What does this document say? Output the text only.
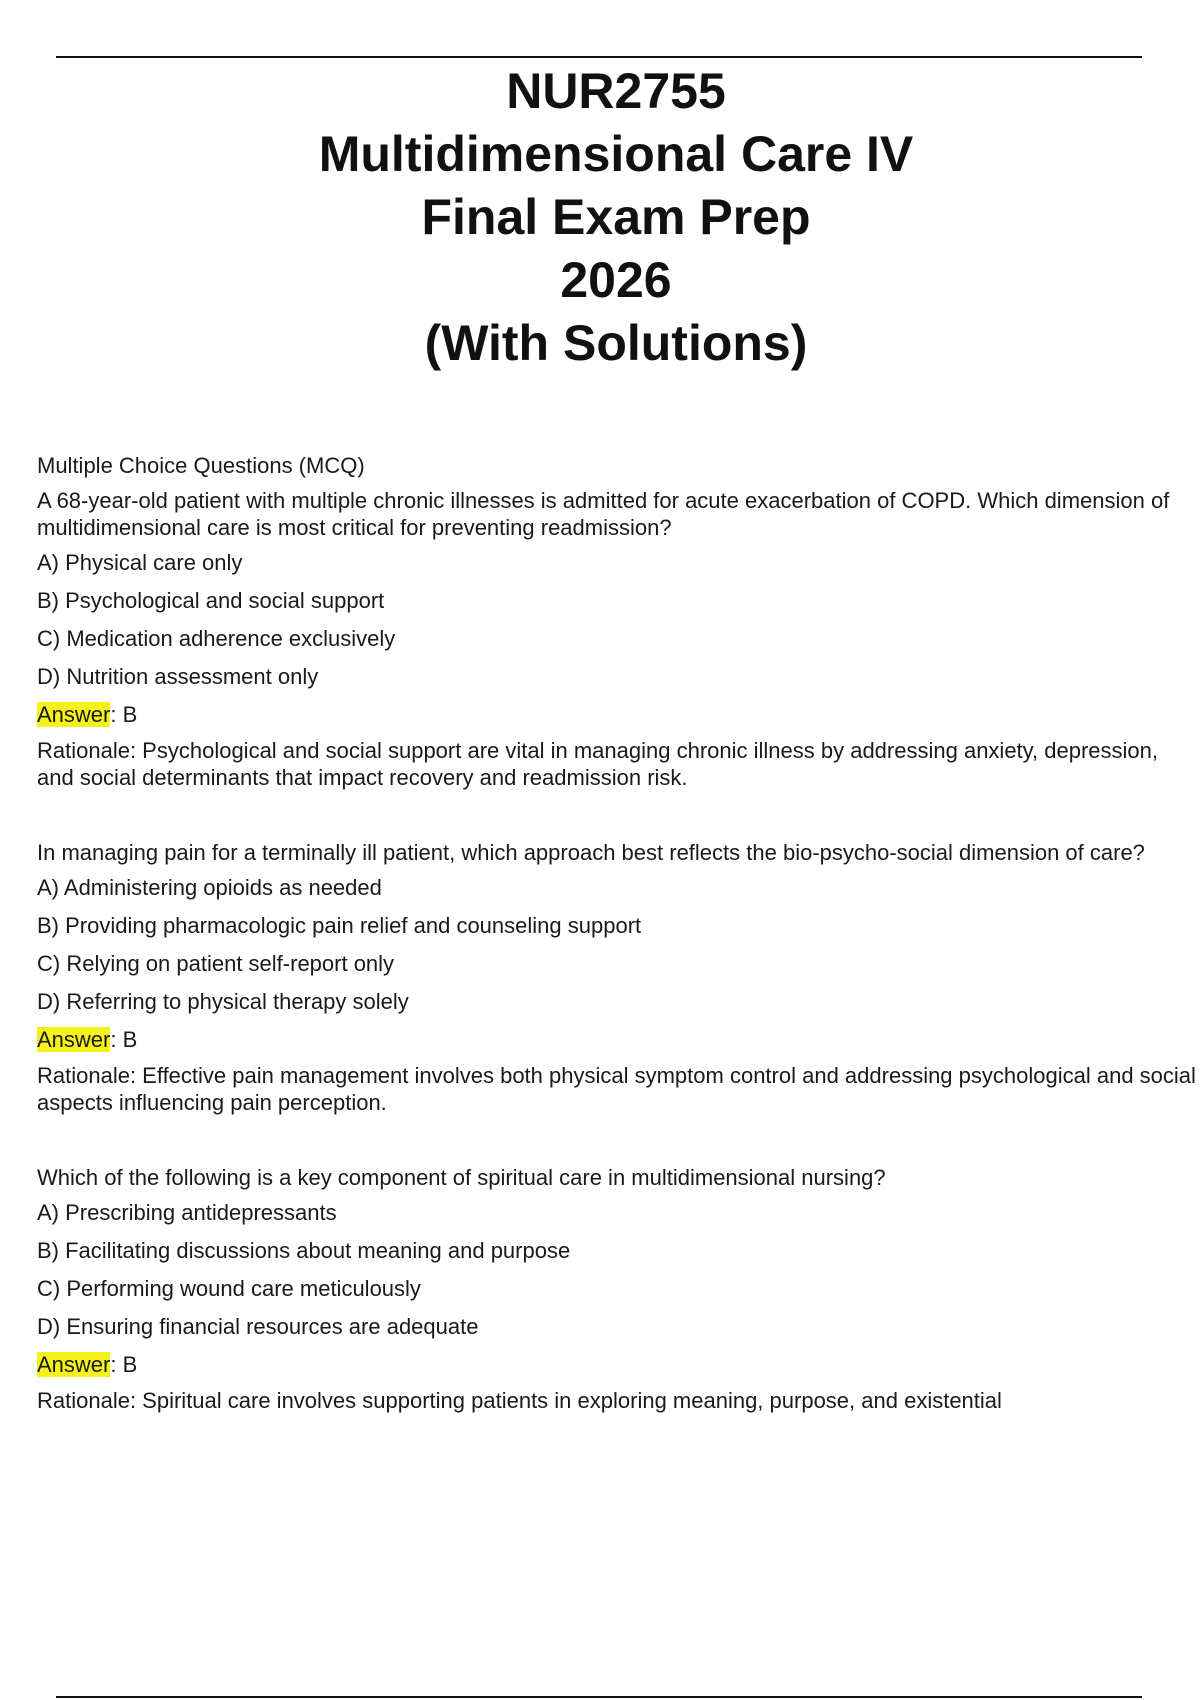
NUR2755
Multidimensional Care IV
Final Exam Prep
2026
(With Solutions)
Multiple Choice Questions (MCQ)
A 68-year-old patient with multiple chronic illnesses is admitted for acute exacerbation of COPD. Which dimension of multidimensional care is most critical for preventing readmission?
A) Physical care only
B) Psychological and social support
C) Medication adherence exclusively
D) Nutrition assessment only
Answer: B
Rationale: Psychological and social support are vital in managing chronic illness by addressing anxiety, depression, and social determinants that impact recovery and readmission risk.
In managing pain for a terminally ill patient, which approach best reflects the bio-psycho-social dimension of care?
A) Administering opioids as needed
B) Providing pharmacologic pain relief and counseling support
C) Relying on patient self-report only
D) Referring to physical therapy solely
Answer: B
Rationale: Effective pain management involves both physical symptom control and addressing psychological and social aspects influencing pain perception.
Which of the following is a key component of spiritual care in multidimensional nursing?
A) Prescribing antidepressants
B) Facilitating discussions about meaning and purpose
C) Performing wound care meticulously
D) Ensuring financial resources are adequate
Answer: B
Rationale: Spiritual care involves supporting patients in exploring meaning, purpose, and existential
